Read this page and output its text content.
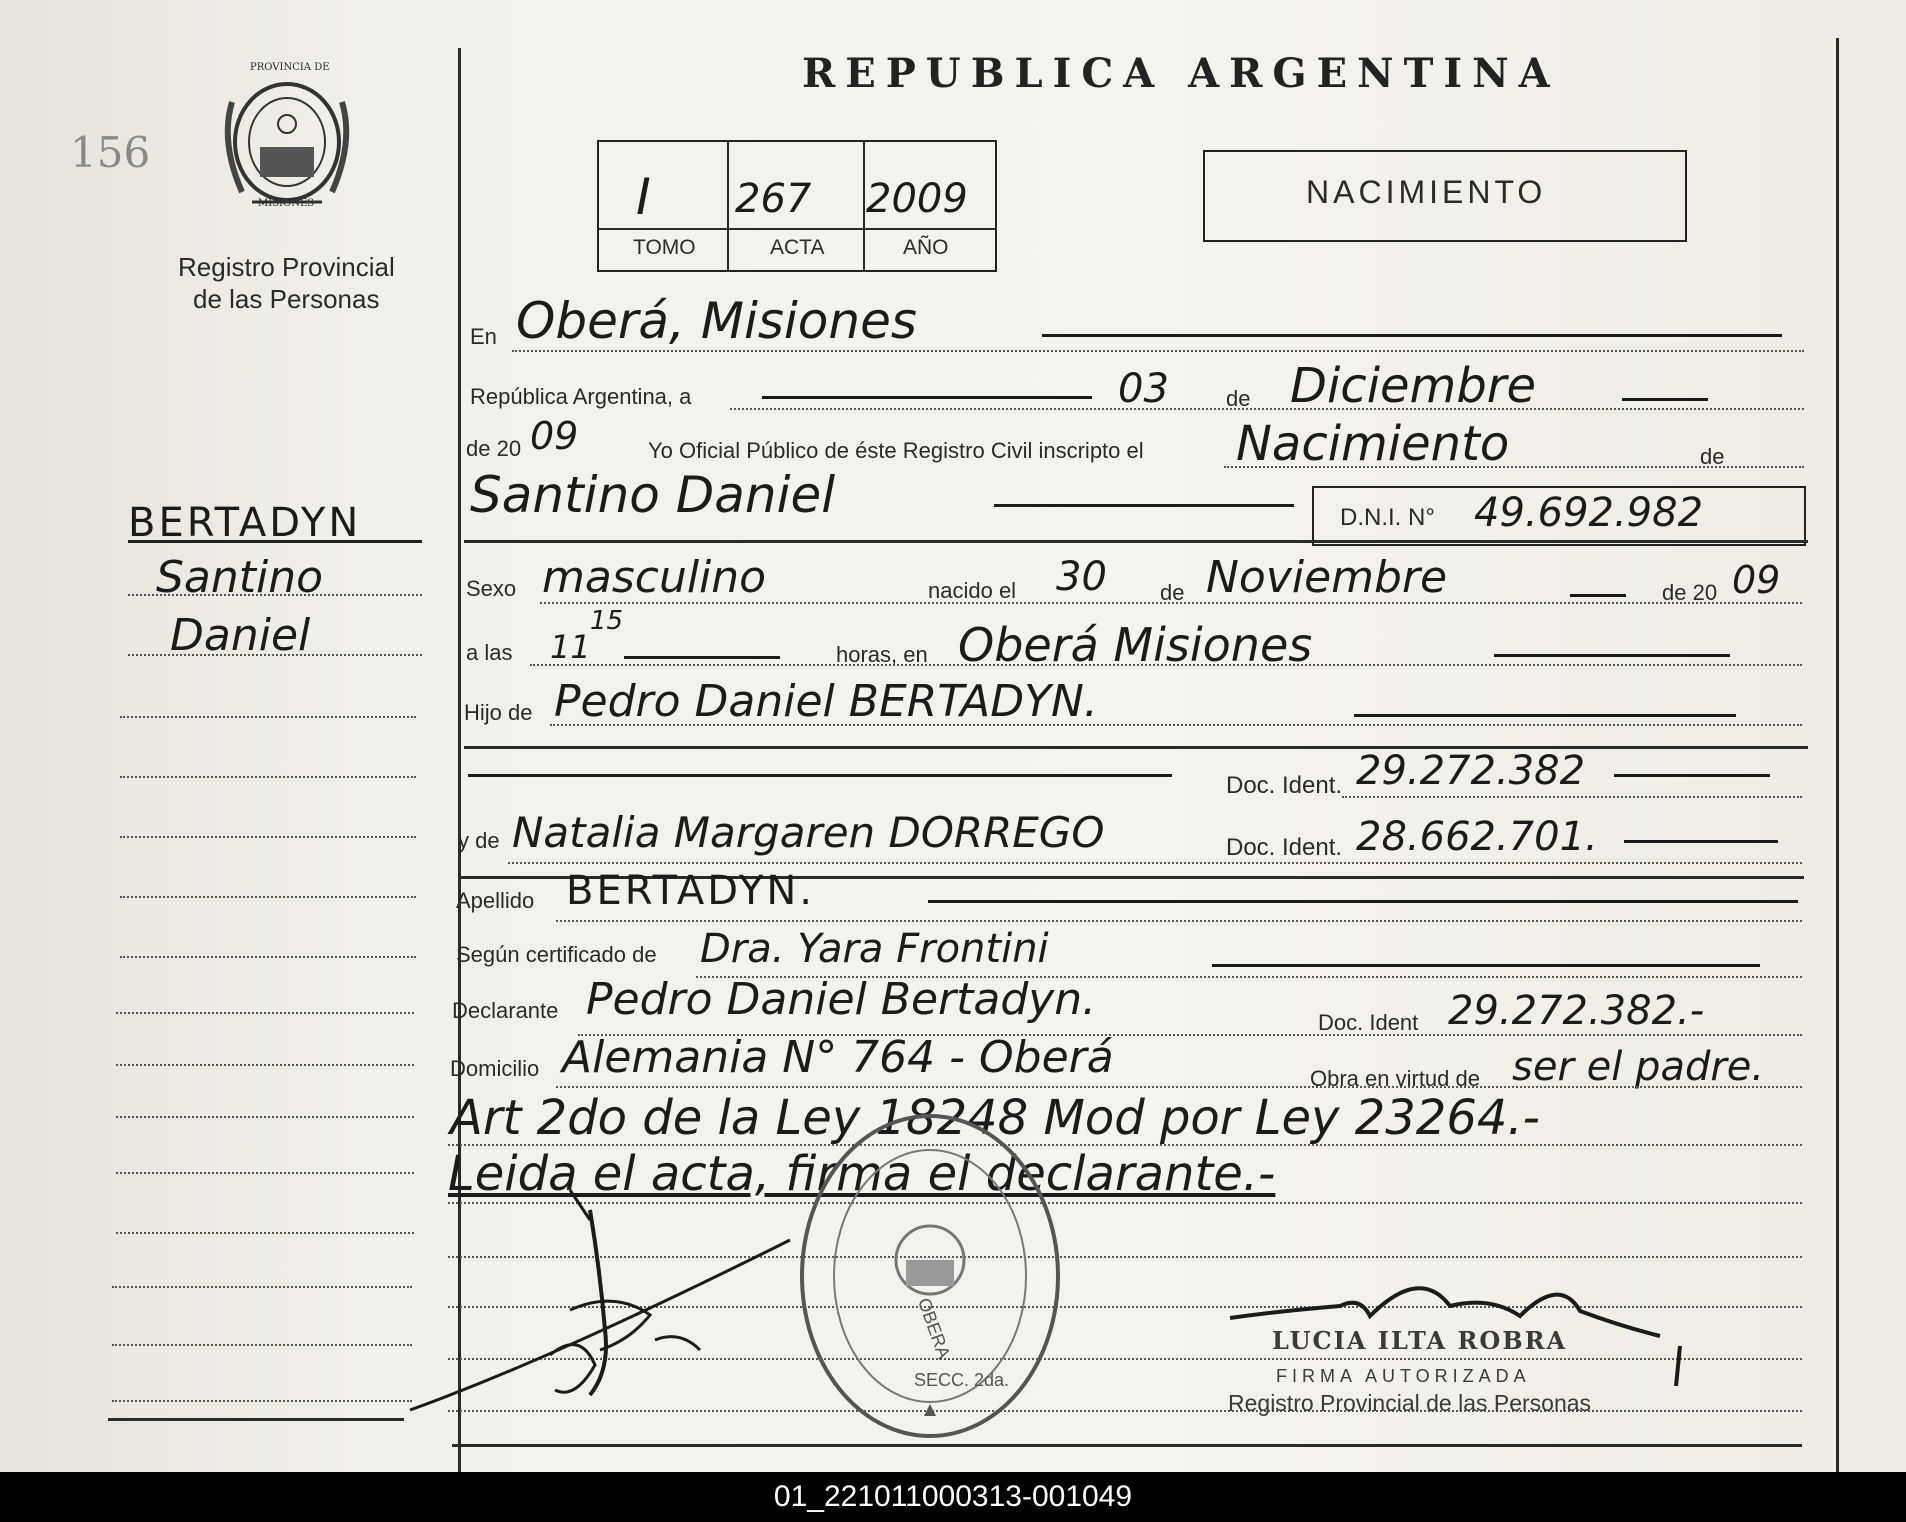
156
PROVINCIA DE
MISIONES
Registro Provincial
de las Personas
REPUBLICA ARGENTINA
I 267 2009
TOMO	ACTA	AÑO
NACIMIENTO
BERTADYN
Santino
Daniel
En Oberá, Misiones
República Argentina, a	03	de Diciembre
de 20 09	Yo Oficial Público de éste Registro Civil inscripto el Nacimiento	de
Santino Daniel	D.N.I. N° 49.692.982
Sexo masculino	nacido el 30 de Noviembre	de 20 09
a las 11
15
horas, en Oberá Misiones
Hijo de Pedro Daniel BERTADYN.
Doc. Ident. 29.272.382
y de Natalia Margaren DORREGO	Doc. Ident. 28.662.701.
Apellido BERTADYN.
Según certificado de Dra. Yara Frontini
Declarante Pedro Daniel Bertadyn.	Doc. Ident 29.272.382.-
Domicilio Alemania N° 764 - Oberá	Obra en virtud de ser el padre.
Art 2do de la Ley 18248 Mod por Ley 23264.-
Leida el acta, firma el declarante.-
OBERA
SECC. 2da.
LUCIA ILTA ROBRA
FIRMA AUTORIZADA
Registro Provincial de las Personas
01_221011000313-001049
